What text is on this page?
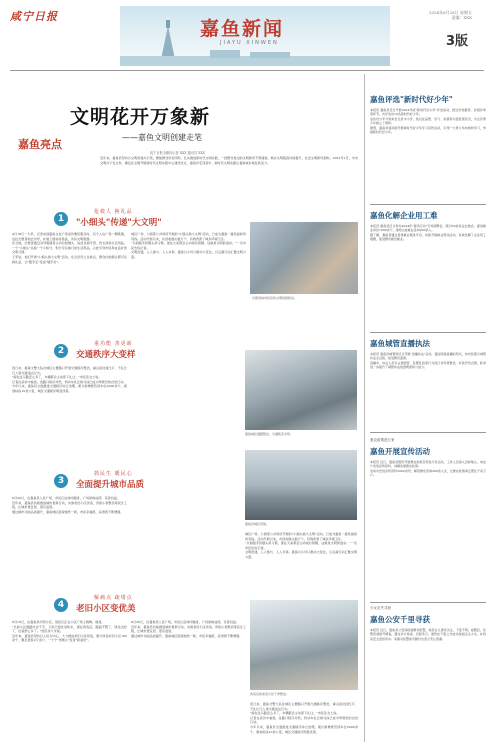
咸宁日报
嘉鱼新闻
JIAYU XINWEN
2024年6月28日 星期五
责编：XXX
3版
文明花开万象新
——嘉鱼文明创建走笔
嘉鱼亮点
咸宁日报全媒体记者 XXX 通讯员 XXX
近年来，嘉鱼县坚持以文明创建为引领，聚焦群众所需所盼，扎实推进新时代文明实践，一批群众身边的文明新风不断涌现，城乡文明程度持续提升，社会文明新风劲吹。2021年1月，中央文明办下发文件，确定在全国开展新时代文明实践中心建设试点，嘉鱼县名列其中。新时代文明实践让嘉鱼城乡焕发新活力。
1
抢救人 换礼品
"小细头"传递"大文明"
4月18日一大早，记者来到嘉鱼文化广场采访便民服务时，有个人在广场一侧吸烟，这位志愿者前去劝导，并递上烟灰收集盒，劝其文明吸烟。
在当地，志愿者通过劝导吸烟者主动捡拾烟头，由此兑换牙膏、洗衣液等生活用品。一个"小细头"兑换一个小积分，积分可兑换日常生活用品，以此引导市民养成良好的文明习惯。
王军说，他们开展"小烟头换大文明"活动，在全县设立兑换点，群众捡拾烟头即可兑换礼品，让"随手丢"变成"随手捡"。
城区广场、公园等公共场所开展的"小烟头换大文明"活动，已成为嘉鱼一道亮丽的风景线。活动开展以来，共回收烟头数万个，有效改善了城乡环境卫生。
"以前随手扔烟头是习惯，现在大家都会主动找垃圾桶，这就是文明的进步。"一名市民告诉记者。
文明创建，人人参与、人人共享。嘉鱼以小切口推动大变化，以点滴行动汇聚文明力量。
志愿者向市民宣传文明创建知识。
2
重功能 善更新
交通秩序大变样
连日来，嘉鱼交警大队在城区主要路口开展交通秩序整治，重点查处闯红灯、不礼让行人等交通违法行为。
"现在过马路安心多了，车辆都会主动停下礼让。"市民张女士说。
记者在采访中看到，各路口秩序井然，机动车礼让斑马线已成为驾驶员的自觉行动。
今年以来，嘉鱼县全面推进交通秩序综合治理，累计新增规范停车位2000余个，施划标线10余公里，城区交通秩序明显改善。
嘉鱼城区道路整洁，交通秩序井然。
3
抓民生 暖民心
全面提升城市品质
6月26日，在嘉鱼县人民广场，市民们在休闲健身，广场绿树成荫，花香四溢。
近年来，嘉鱼县持续推进城市更新行动，实施老旧小区改造、背街小巷整治等民生工程，让城市更宜居、更有温度。
通过城市功能品质提升，嘉鱼城区面貌焕然一新，市民幸福感、获得感不断增强。
嘉鱼县城区风貌。
城区广场、公园等公共场所开展的"小烟头换大文明"活动，已成为嘉鱼一道亮丽的风景线。活动开展以来，共回收烟头数万个，有效改善了城乡环境卫生。
"以前随手扔烟头是习惯，现在大家都会主动找垃圾桶，这就是文明的进步。"一名市民告诉记者。
文明创建，人人参与、人人共享。嘉鱼以小切口推动大变化，以点滴行动汇聚文明力量。
4
解痛点 疏堵点
老旧小区变优美
6月18日，在嘉鱼县沙阳小区，居民们正在小区广场上跳舞，健身。
"以前小区道路坑洼不平，下雨天到处是积水，现在改造后，路面平整了，绿化也好了，住着舒心多了。"居民李大爷说。
近年来，嘉鱼县坚持以人民为中心，大力推进老旧小区改造，累计改造老旧小区100余个，惠及居民2万余户，一个个"老破小"变身"新美好"。
6月26日，在嘉鱼县人民广场，市民们在休闲健身，广场绿树成荫，花香四溢。
近年来，嘉鱼县持续推进城市更新行动，实施老旧小区改造、背街小巷整治等民生工程，让城市更宜居、更有温度。
通过城市功能品质提升，嘉鱼城区面貌焕然一新，市民幸福感、获得感不断增强。
改造后的老旧小区干净整洁。
连日来，嘉鱼交警大队在城区主要路口开展交通秩序整治，重点查处闯红灯、不礼让行人等交通违法行为。
"现在过马路安心多了，车辆都会主动停下礼让。"市民张女士说。
记者在采访中看到，各路口秩序井然，机动车礼让斑马线已成为驾驶员的自觉行动。
今年以来，嘉鱼县全面推进交通秩序综合治理，累计新增规范停车位2000余个，施划标线10余公里，城区交通秩序明显改善。
嘉鱼评选"新时代好少年"
本报讯 嘉鱼县近日开展2024年度"新时代好少年"评选活动，经过学校推荐、县级评审等环节，共评选出10名新时代好少年。
这些好少年分别来自全县中小学，他们在品德、学习、实践等方面表现突出，为全县青少年树立了榜样。
据悉，嘉鱼县将持续开展新时代好少年学习宣传活动，引导广大青少年向榜样学习，争做新时代好少年。
嘉鱼化解企业用工难
本报讯 嘉鱼县近日举办2024年"春风行动"专场招聘会，吸引30余家企业参会，提供就业岗位1000余个，现场达成就业意向200余人。
据了解，嘉鱼县通过搭建就业服务平台，持续开展就业帮扶活动，有效化解了企业用工难题，促进群众就近就业。
嘉鱼城管直播执法
本报讯 嘉鱼县城管局近日开展"直播执法"活动，通过网络直播的形式，向市民展示城管执法全过程，接受群众监督。
直播中，执法人员对占道经营、乱摆乱放等行为进行劝导和整治，市民纷纷点赞。此举进一步提升了城管执法的透明度和公信力。
惠农政策进万家
嘉鱼开展宣传活动
本报讯 近日，嘉鱼县组织开展惠农政策宣传进万家活动，工作人员深入田间地头，向农户发放宣传资料，讲解各项惠农政策。
活动共发放宣传资料5000余份，解答群众咨询300余人次，让惠农政策真正惠及千家万户。
少女走失寻获
嘉鱼公安千里寻获
本报讯 近日，嘉鱼县公安局接到群众报警，称其女儿离家出走，下落不明。接警后，民警迅速展开调查，通过多方协查，历经多日，最终在千里之外成功找到走失少女，并将其安全送回家中。家属对民警的辛勤付出表示衷心感谢。
